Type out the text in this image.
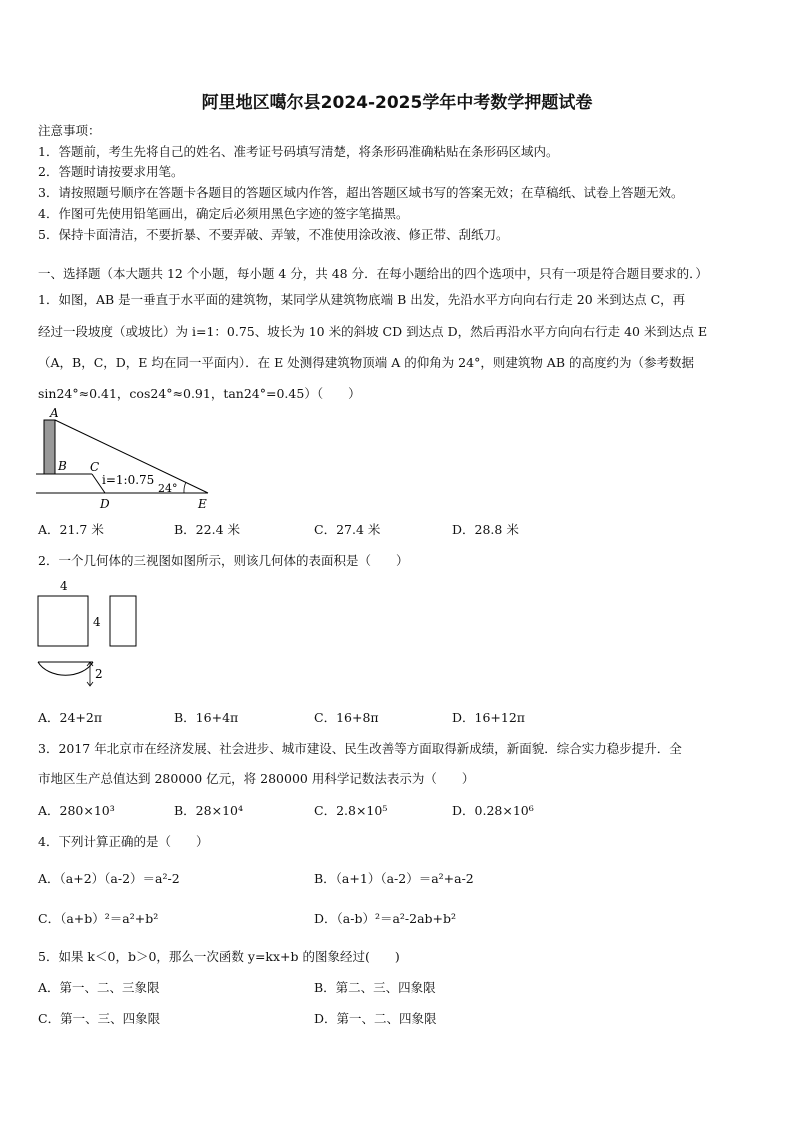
阿里地区噶尔县2024-2025学年中考数学押题试卷
注意事项：
1．答题前，考生先将自己的姓名、准考证号码填写清楚，将条形码准确粘贴在条形码区域内。
2．答题时请按要求用笔。
3．请按照题号顺序在答题卡各题目的答题区域内作答，超出答题区域书写的答案无效；在草稿纸、试卷上答题无效。
4．作图可先使用铅笔画出，确定后必须用黑色字迹的签字笔描黑。
5．保持卡面清洁，不要折暴、不要弄破、弄皱，不准使用涂改液、修正带、刮纸刀。
一、选择题（本大题共 12 个小题，每小题 4 分，共 48 分．在每小题给出的四个选项中，只有一项是符合题目要求的．）
1．如图，AB 是一垂直于水平面的建筑物，某同学从建筑物底端 B 出发，先沿水平方向向右行走 20 米到达点 C，再
经过一段坡度（或坡比）为 i=1：0.75、坡长为 10 米的斜坡 CD 到达点 D，然后再沿水平方向向右行走 40 米到达点 E
（A，B，C，D，E 均在同一平面内）．在 E 处测得建筑物顶端 A 的仰角为 24°，则建筑物 AB 的高度约为（参考数据
sin24°≈0.41，cos24°≈0.91，tan24°=0.45）（　　）
A
B C
i=1:0.75
24°
D	E
A．21.7 米	B．22.4 米	C．27.4 米	D．28.8 米
2．一个几何体的三视图如图所示，则该几何体的表面积是（　　）
4
4
2
A．24+2π	B．16+4π	C．16+8π	D．16+12π
3．2017 年北京市在经济发展、社会进步、城市建设、民生改善等方面取得新成绩，新面貌．综合实力稳步提升．全
市地区生产总值达到 280000 亿元，将 280000 用科学记数法表示为（　　）
A．280×10³	B．28×10⁴	C．2.8×10⁵	D．0.28×10⁶
4．下列计算正确的是（　　）
A．（a+2）（a-2）＝a²-2	B．（a+1）（a-2）＝a²+a-2
C．（a+b）²＝a²+b²	D．（a-b）²＝a²-2ab+b²
5．如果 k＜0，b＞0，那么一次函数 y=kx+b 的图象经过(　　)
A．第一、二、三象限	B．第二、三、四象限
C．第一、三、四象限	D．第一、二、四象限
